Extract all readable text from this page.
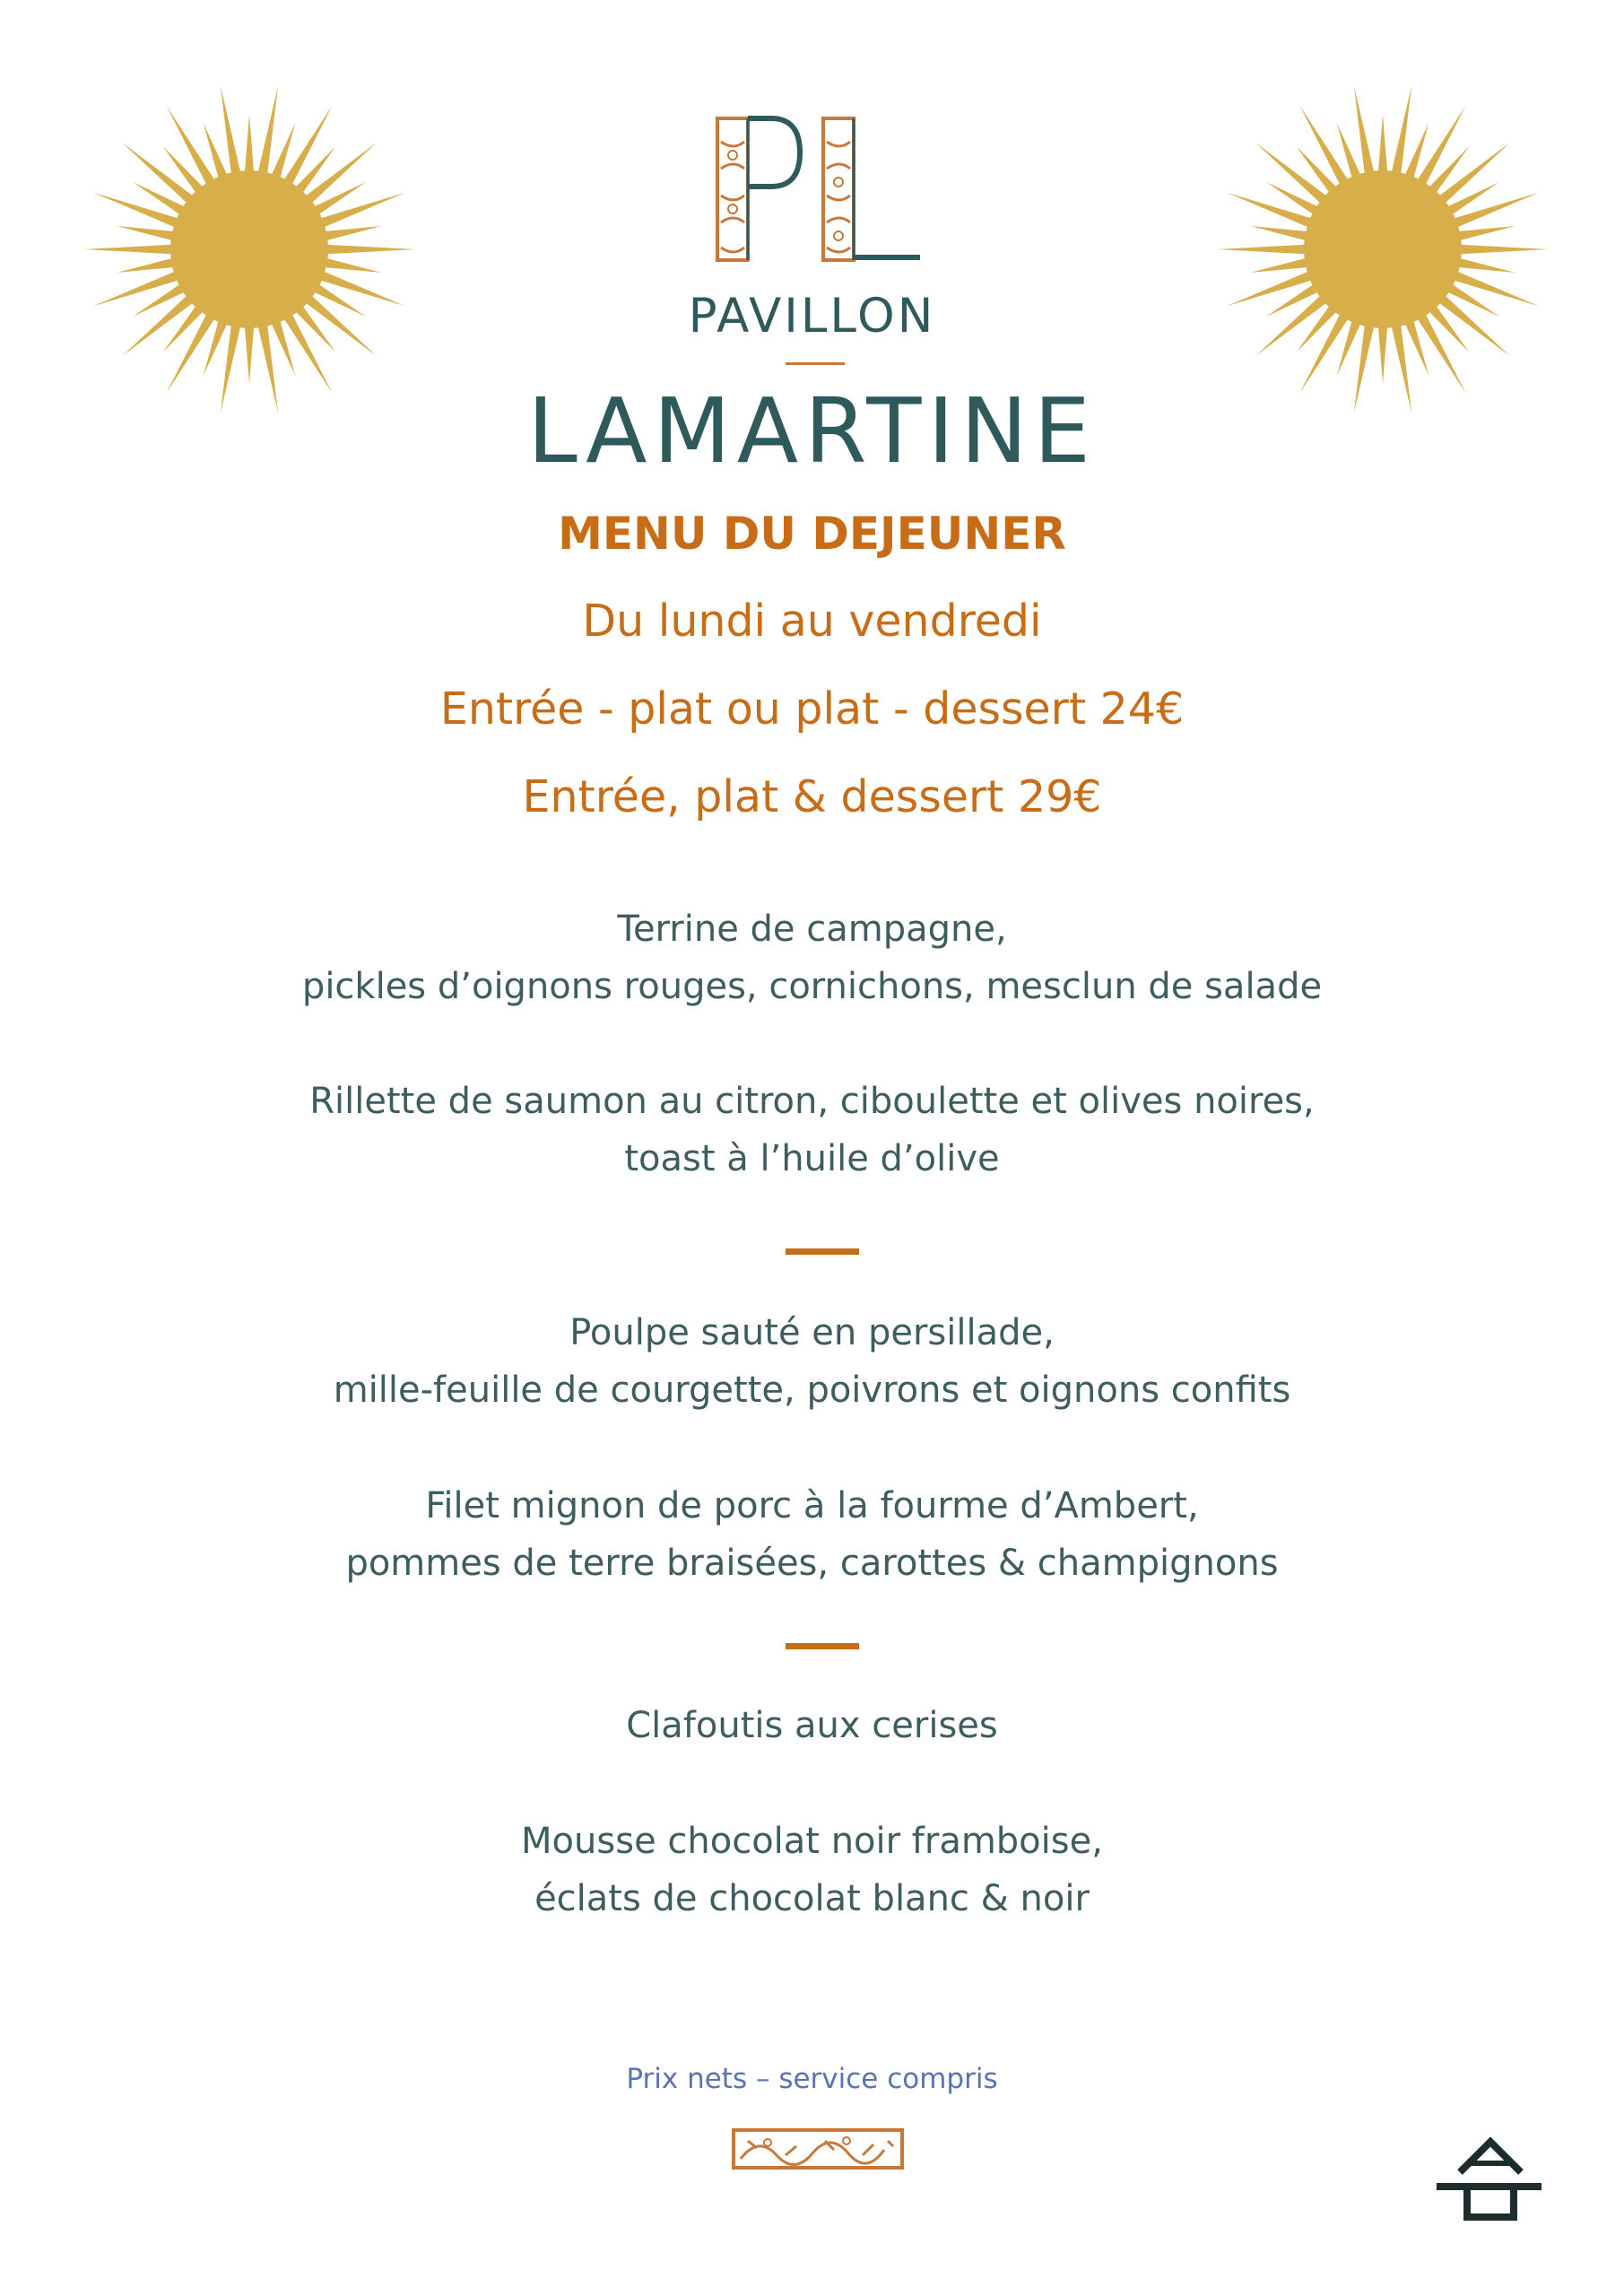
PAVILLON
LAMARTINE
MENU DU DEJEUNER
Du lundi au vendredi
Entrée - plat ou plat - dessert 24€
Entrée, plat & dessert 29€
Terrine de campagne,
pickles d’oignons rouges, cornichons, mesclun de salade
Rillette de saumon au citron, ciboulette et olives noires,
toast à l’huile d’olive
Poulpe sauté en persillade,
mille-feuille de courgette, poivrons et oignons confits
Filet mignon de porc à la fourme d’Ambert,
pommes de terre braisées, carottes & champignons
Clafoutis aux cerises
Mousse chocolat noir framboise,
éclats de chocolat blanc & noir
Prix nets – service compris
